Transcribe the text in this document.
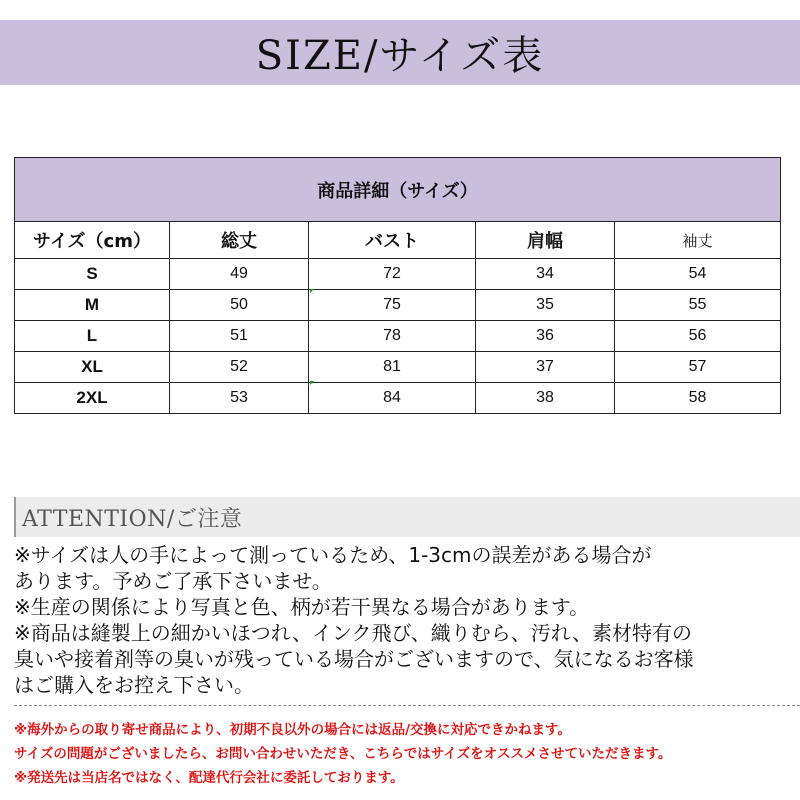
SIZE/サイズ表
商品詳細（サイズ）				
サイズ（cm）	総丈	バスト	肩幅	袖丈
S	49	72	34	54
M	50	75	35	55
L	51	78	36	56
XL	52	81	37	57
2XL	53	84	38	58
ATTENTION/ご注意
※サイズは人の手によって測っているため、1-3cmの誤差がある場合が
あります。予めご了承下さいませ。
※生産の関係により写真と色、柄が若干異なる場合があります。
※商品は縫製上の細かいほつれ、インク飛び、織りむら、汚れ、素材特有の
臭いや接着剤等の臭いが残っている場合がございますので、気になるお客様
はご購入をお控え下さい。
※海外からの取り寄せ商品により、初期不良以外の場合には返品/交換に対応できかねます。
サイズの問題がございましたら、お問い合わせいただき、こちらではサイズをオススメさせていただきます。
※発送先は当店名ではなく、配達代行会社に委託しております。
